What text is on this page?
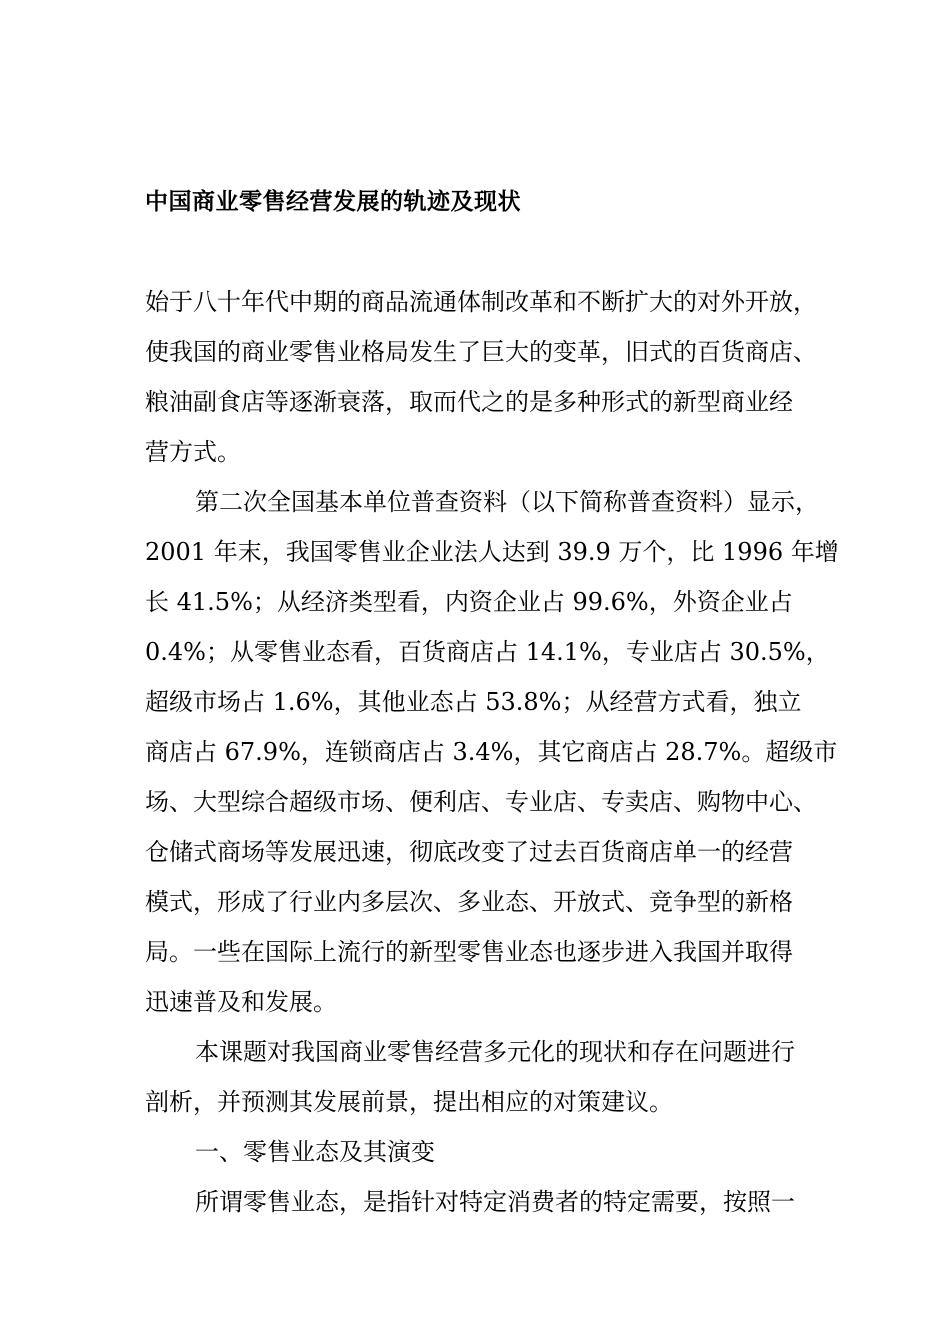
中国商业零售经营发展的轨迹及现状

始于八十年代中期的商品流通体制改革和不断扩大的对外开放，

使我国的商业零售业格局发生了巨大的变革，旧式的百货商店、

粮油副食店等逐渐衰落，取而代之的是多种形式的新型商业经

营方式。

第二次全国基本单位普查资料（以下简称普查资料）显示，

2001 年末，我国零售业企业法人达到 39.9 万个，比 1996 年增

长 41.5%；从经济类型看，内资企业占 99.6%，外资企业占

0.4%；从零售业态看，百货商店占 14.1%，专业店占 30.5%，

超级市场占 1.6%，其他业态占 53.8%；从经营方式看，独立

商店占 67.9%，连锁商店占 3.4%，其它商店占 28.7%。超级市

场、大型综合超级市场、便利店、专业店、专卖店、购物中心、

仓储式商场等发展迅速，彻底改变了过去百货商店单一的经营

模式，形成了行业内多层次、多业态、开放式、竞争型的新格

局。一些在国际上流行的新型零售业态也逐步进入我国并取得

迅速普及和发展。

本课题对我国商业零售经营多元化的现状和存在问题进行

剖析，并预测其发展前景，提出相应的对策建议。

一、零售业态及其演变

所谓零售业态，是指针对特定消费者的特定需要，按照一
